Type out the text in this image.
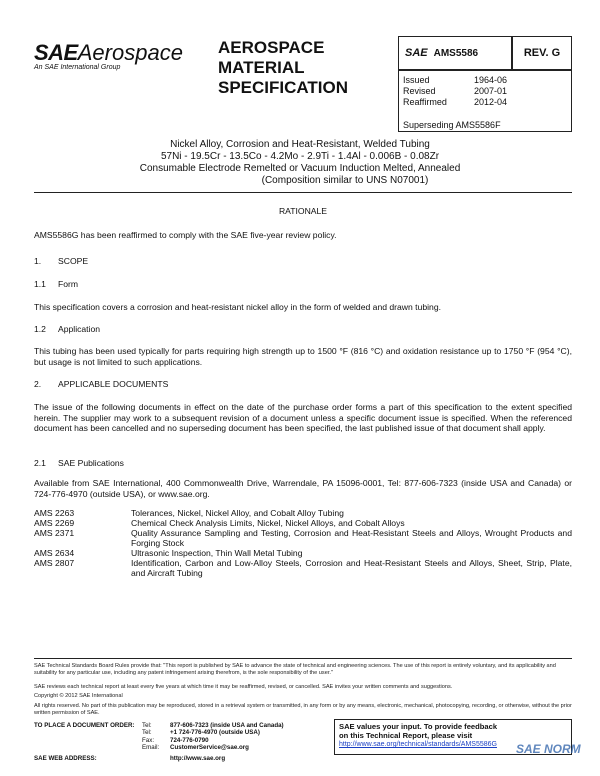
SAEAerospace
An SAE International Group
AEROSPACE
MATERIAL
SPECIFICATION
SAE AMS5586	REV. G
Issued	1964-06
Revised	2007-01
Reaffirmed	2012-04
Superseding AMS5586F
Nickel Alloy, Corrosion and Heat-Resistant, Welded Tubing
57Ni - 19.5Cr - 13.5Co - 4.2Mo - 2.9Ti - 1.4Al - 0.006B - 0.08Zr
Consumable Electrode Remelted or Vacuum Induction Melted, Annealed
(Composition similar to UNS N07001)
RATIONALE
AMS5586G has been reaffirmed to comply with the SAE five-year review policy.
1. SCOPE
1.1 Form
This specification covers a corrosion and heat-resistant nickel alloy in the form of welded and drawn tubing.
1.2 Application
This tubing has been used typically for parts requiring high strength up to 1500 °F (816 °C) and oxidation resistance up to 1750 °F (954 °C), but usage is not limited to such applications.
2. APPLICABLE DOCUMENTS
The issue of the following documents in effect on the date of the purchase order forms a part of this specification to the extent specified herein. The supplier may work to a subsequent revision of a document unless a specific document issue is specified. When the referenced document has been cancelled and no superseding document has been specified, the last published issue of that document shall apply.
2.1 SAE Publications
Available from SAE International, 400 Commonwealth Drive, Warrendale, PA 15096-0001, Tel: 877-606-7323 (inside USA and Canada) or 724-776-4970 (outside USA), or www.sae.org.
AMS 2263	Tolerances, Nickel, Nickel Alloy, and Cobalt Alloy Tubing
AMS 2269	Chemical Check Analysis Limits, Nickel, Nickel Alloys, and Cobalt Alloys
AMS 2371	Quality Assurance Sampling and Testing, Corrosion and Heat-Resistant Steels and Alloys, Wrought Products and Forging Stock
AMS 2634	Ultrasonic Inspection, Thin Wall Metal Tubing
AMS 2807	Identification, Carbon and Low-Alloy Steels, Corrosion and Heat-Resistant Steels and Alloys, Sheet, Strip, Plate, and Aircraft Tubing
SAE Technical Standards Board Rules provide that: "This report is published by SAE to advance the state of technical and engineering sciences. The use of this report is entirely voluntary, and its applicability and suitability for any particular use, including any patent infringement arising therefrom, is the sole responsibility of the user."
SAE reviews each technical report at least every five years at which time it may be reaffirmed, revised, or cancelled. SAE invites your written comments and suggestions.
Copyright © 2012 SAE International
All rights reserved. No part of this publication may be reproduced, stored in a retrieval system or transmitted, in any form or by any means, electronic, mechanical, photocopying, recording, or otherwise, without the prior written permission of SAE.
TO PLACE A DOCUMENT ORDER:	Tel:	877-606-7323 (inside USA and Canada)
Tel:	+1 724-776-4970 (outside USA)
Fax:	724-776-0790
Email:	CustomerService@sae.org
SAE WEB ADDRESS:	http://www.sae.org
SAE values your input. To provide feedback
on this Technical Report, please visit
http://www.sae.org/technical/standards/AMS5586G	SAE NORM
